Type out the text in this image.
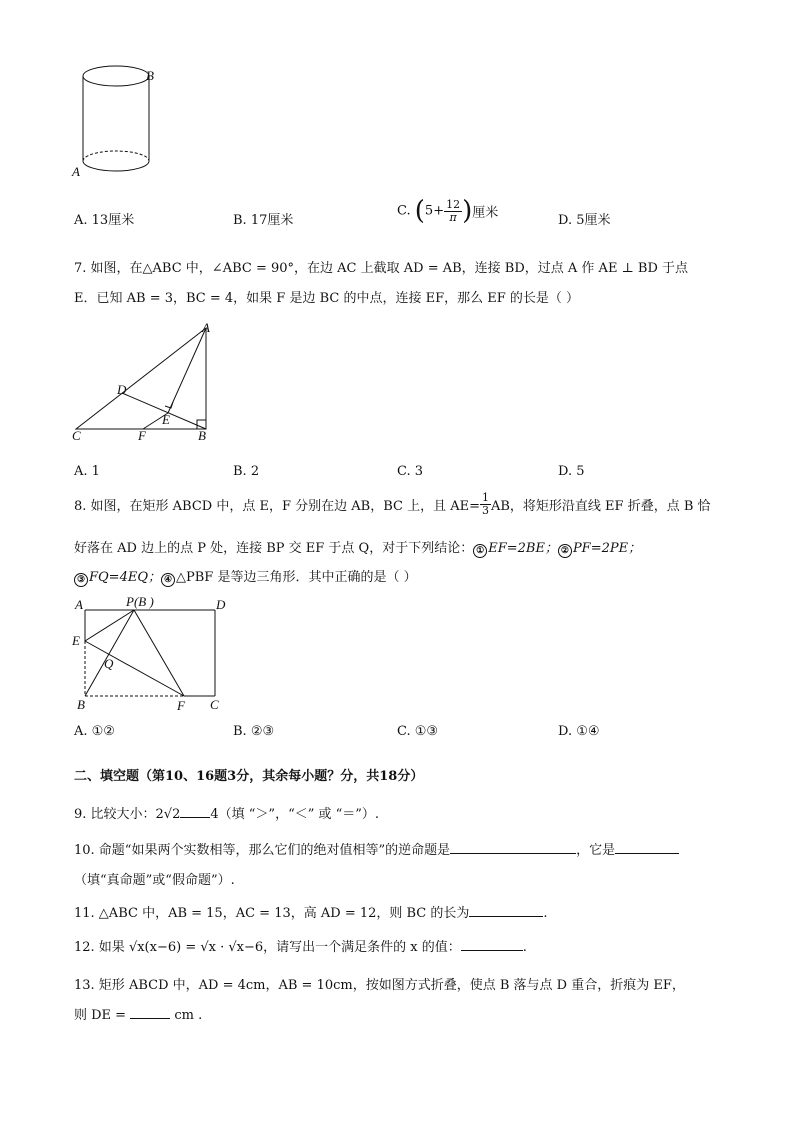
B
A
A. 13厘米	B. 17厘米
C. ($5+ \frac{12}{\pi}$ )厘米	D. 5厘米
7. 如图，在△ABC 中，∠ABC = 90°，在边 AC 上截取 AD = AB，连接 BD，过点 A 作 AE ⊥ BD 于点
E．已知 AB = 3，BC = 4，如果 F 是边 BC 的中点，连接 EF，那么 EF 的长是（ ）
A
D
E
C	F	B
A. 1	B. 2	C. 3	D. 5
8. 如图，在矩形 ABCD 中，点 E，F 分别在边 AB，BC 上，且 $AE= \frac{1}{3}$ AB，将矩形沿直线 EF 折叠，点 B 恰
好落在 AD 边上的点 P 处，连接 BP 交 EF 于点 Q，对于下列结论： ① EF=2BE； ② PF=2PE；
③ FQ=4EQ； ④ △PBF 是等边三角形．其中正确的是（ ）
A	P(B )	D
E
Q
B	F C
A. ①②	B. ②③	C. ①③	D. ①④
二、填空题（第10、16题3分，其余每小题？分，共18分）
9. 比较大小：2√2 4（填 “＞”，“＜” 或 “＝”）.
10. 命题“如果两个实数相等，那么它们的绝对值相等”的逆命题是	，它是
（填“真命题”或“假命题”）.
11. △ABC 中，AB = 15，AC = 13，高 AD = 12，则 BC 的长为	.
12. 如果 √x(x−6) = √x · √x−6，请写出一个满足条件的 x 的值：	.
13. 矩形 ABCD 中，AD = 4cm，AB = 10cm，按如图方式折叠，使点 B 落与点 D 重合，折痕为 EF，
则 DE =	cm .
